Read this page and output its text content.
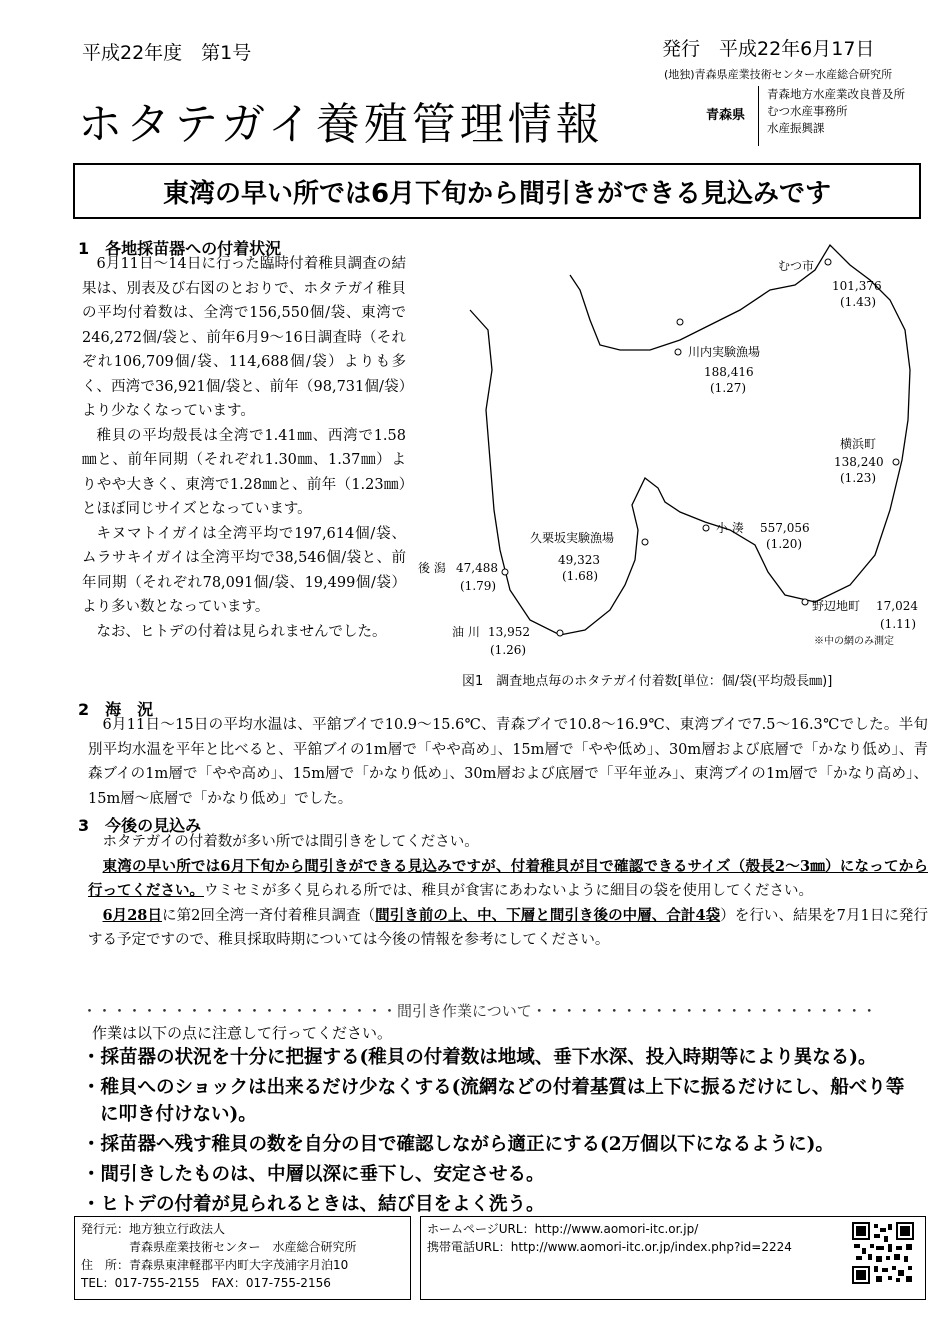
平成22年度　第1号	発行　平成22年6月17日
(地独)青森県産業技術センター水産総合研究所
ホタテガイ養殖管理情報	青森県
青森地方水産業改良普及所
むつ水産事務所
水産振興課
東湾の早い所では6月下旬から間引きができる見込みです
1　各地採苗器への付着状況

6月11日～14日に行った臨時付着稚貝調査の結果は、別表及び右図のとおりで、ホタテガイ稚貝の平均付着数は、全湾で156,550個/袋、東湾で246,272個/袋と、前年6月9～16日調査時（それぞれ106,709個/袋、114,688個/袋）よりも多く、西湾で36,921個/袋と、前年（98,731個/袋）より少なくなっています。

稚貝の平均殻長は全湾で1.41㎜、西湾で1.58㎜と、前年同期（それぞれ1.30㎜、1.37㎜）よりやや大きく、東湾で1.28㎜と、前年（1.23㎜）とほぼ同じサイズとなっています。

キヌマトイガイは全湾平均で197,614個/袋、ムラサキイガイは全湾平均で38,546個/袋と、前年同期（それぞれ78,091個/袋、19,499個/袋）より多い数となっています。

なお、ヒトデの付着は見られませんでした。

むつ市
101,376
(1.43)
川内実験漁場
188,416
(1.27)
横浜町
138,240
(1.23)
小 湊 557,056
(1.20)
久栗坂実験漁場
49,323
(1.68)
後 潟 47,488
(1.79)
油 川 13,952
(1.26)
野辺地町 17,024
(1.11)
※中の網のみ測定
図1　調査地点毎のホタテガイ付着数[単位：個/袋(平均殻長㎜)]
2　海　況

6月11日～15日の平均水温は、平舘ブイで10.9～15.6℃、青森ブイで10.8～16.9℃、東湾ブイで7.5～16.3℃でした。半旬別平均水温を平年と比べると、平舘ブイの1m層で「やや高め」、15m層で「やや低め」、30m層および底層で「かなり低め」、青森ブイの1m層で「やや高め」、15m層で「かなり低め」、30m層および底層で「平年並み」、東湾ブイの1m層で「かなり高め」、15m層～底層で「かなり低め」でした。

3　今後の見込み

ホタテガイの付着数が多い所では間引きをしてください。

東湾の早い所では6月下旬から間引きができる見込みですが、付着稚貝が目で確認できるサイズ（殻長2～3㎜）になってから行ってください。ウミセミが多く見られる所では、稚貝が食害にあわないように細目の袋を使用してください。

6月28日に第2回全湾一斉付着稚貝調査（間引き前の上、中、下層と間引き後の中層、合計4袋）を行い、結果を7月1日に発行する予定ですので、稚貝採取時期については今後の情報を参考にしてください。

・・・・・・・・・・・・・・・・・・・・・間引き作業について・・・・・・・・・・・・・・・・・・・・・・・
作業は以下の点に注意して行ってください。
・採苗器の状況を十分に把握する(稚貝の付着数は地域、垂下水深、投入時期等により異なる)。
・稚貝へのショックは出来るだけ少なくする(流網などの付着基質は上下に振るだけにし、船べり等に叩き付けない)。
・採苗器へ残す稚貝の数を自分の目で確認しながら適正にする(2万個以下になるように)。
・間引きしたものは、中層以深に垂下し、安定させる。
・ヒトデの付着が見られるときは、結び目をよく洗う。
発行元：地方独立行政法人
　　　　青森県産業技術センター　水産総合研究所
住　所：青森県東津軽郡平内町大字茂浦字月泊10
TEL：017-755-2155　FAX：017-755-2156
ホームページURL：http://www.aomori-itc.or.jp/
携帯電話URL：http://www.aomori-itc.or.jp/index.php?id=2224
